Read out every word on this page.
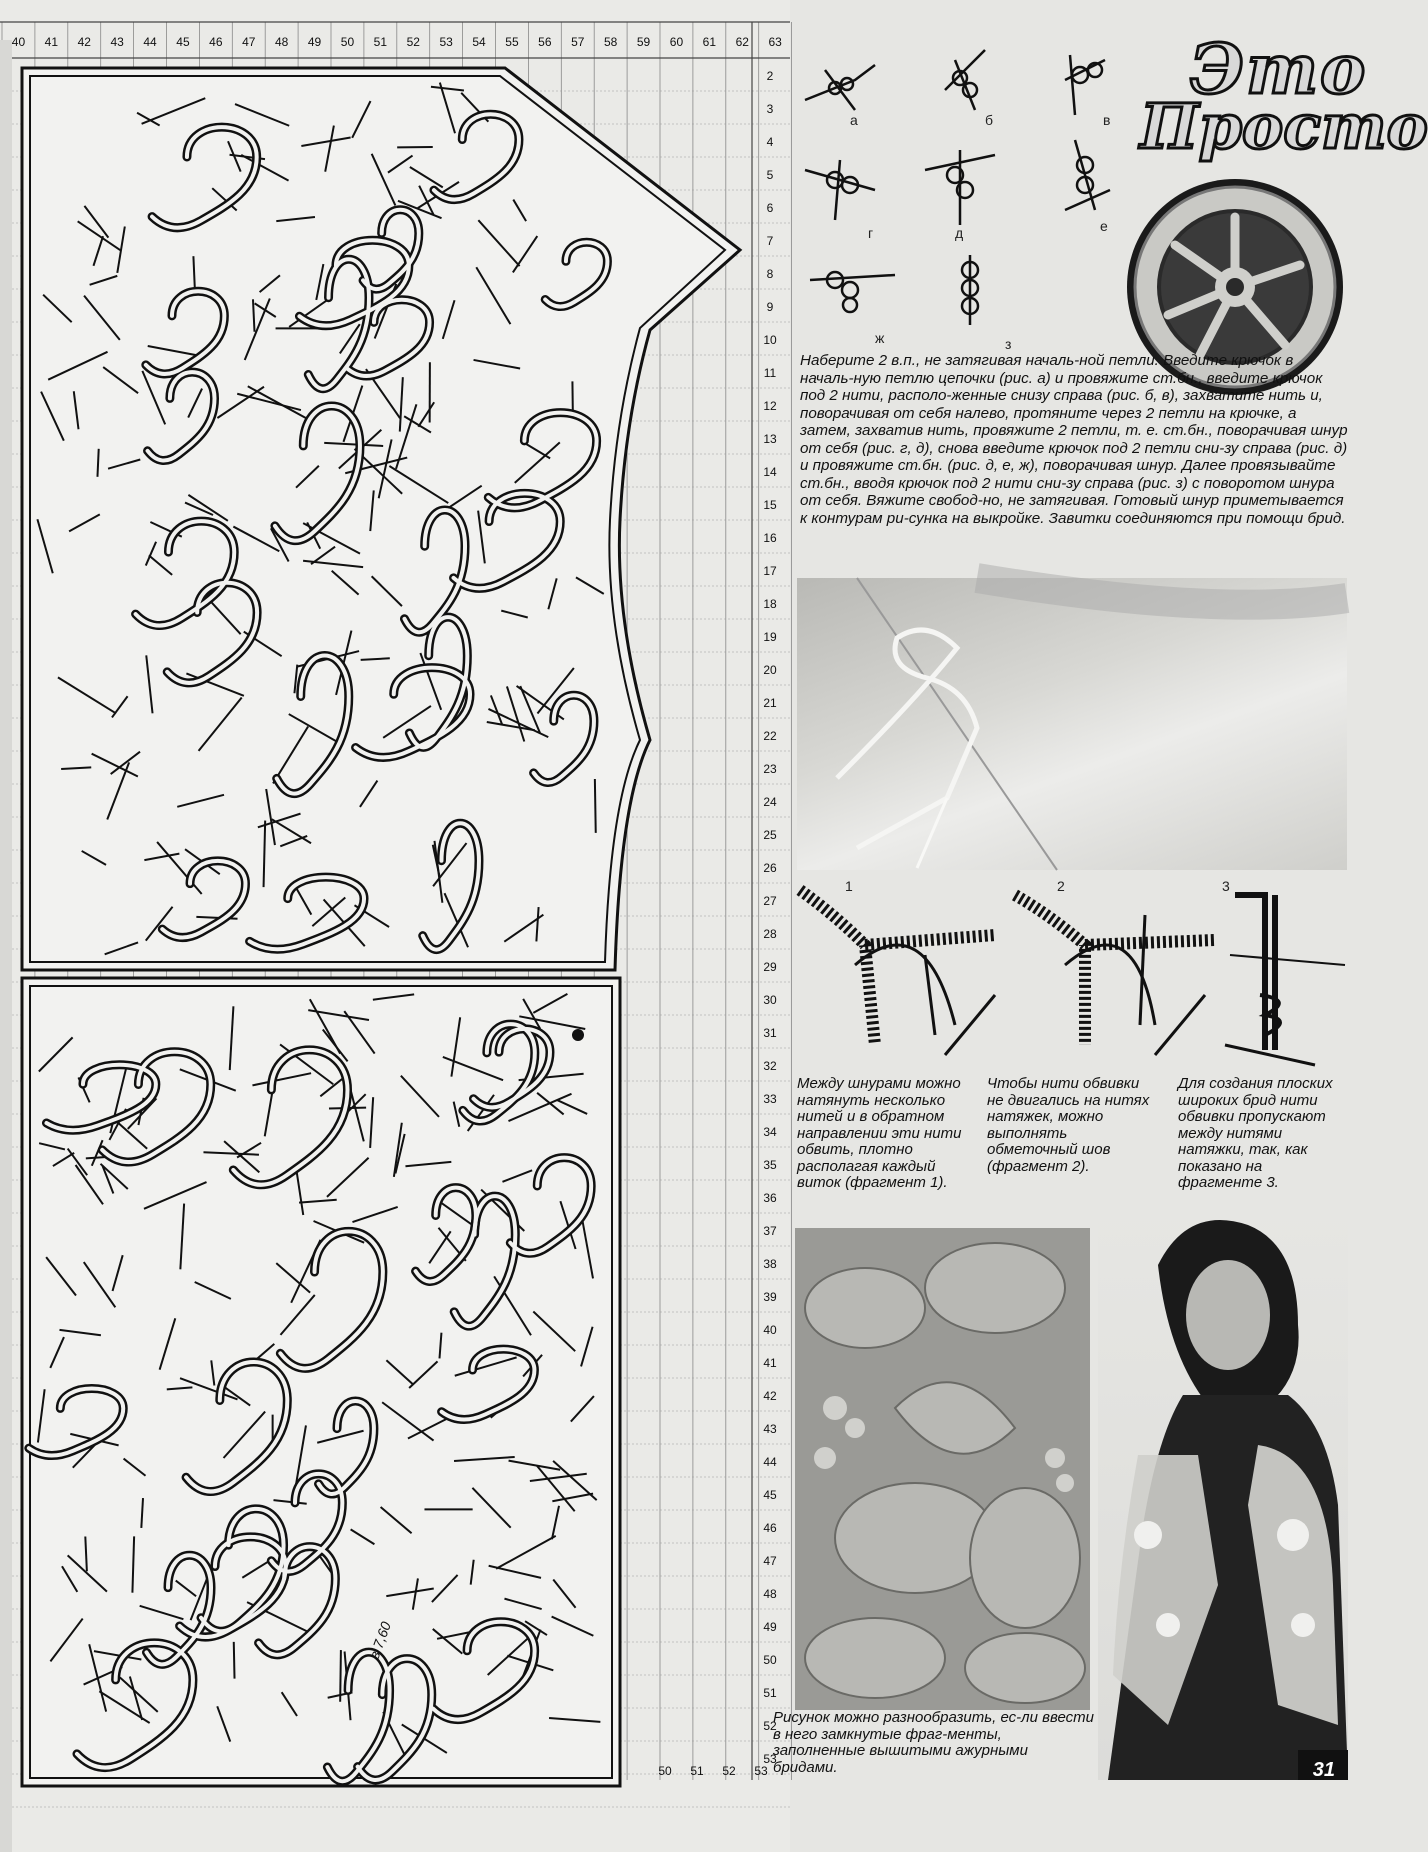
40 41 42 43 44 45 46 47 48 49 50 51 52 53 54 55 56 57 58 59 60 61 62 63
2
3
4
5
6
7
8
9
10
11
12
13
14
15
16
17
18
19
20
21
22
23
24
25
26
27
28
29
30
31
32
33
34
35
36
37
38
39
40
41
42
43
44
45
46
47
48
49
50
51
52
53
50 51 52 53
в 7,60
Это
Просто
а	б	в
г	д	е
ж	з
Наберите 2 в.п., не затягивая началь-ной петли. Введите крючок в началь-ную петлю цепочки (рис. а) и провяжите ст.бн., введите крючок под 2 нити, располо-женные снизу справа (рис. б, в), захватите нить и, поворачивая от себя налево, протяните через 2 петли на крючке, а затем, захватив нить, провяжите 2 петли, т. е. ст.бн., поворачивая шнур от себя (рис. г, д), снова введите крючок под 2 петли сни-зу справа (рис. д) и провяжите ст.бн. (рис. д, е, ж), поворачивая шнур. Далее провязывайте ст.бн., вводя крючок под 2 нити сни-зу справа (рис. з) с поворотом шнура от себя. Вяжите свобод-но, не затягивая. Готовый шнур приметывается к контурам ри-сунка на выкройке. Завитки соединяются при помощи брид.
1	2	3
Между шнурами можно натянуть несколько нитей и в обратном направлении эти нити обвить, плотно располагая каждый виток (фрагмент 1).
Чтобы нити обвивки не двигались на нитях натяжек, можно выполнять обметочный шов (фрагмент 2).
Для создания плоских широких брид нити обвивки пропускают между нитями натяжки, так, как показано на фрагменте 3.
31
Рисунок можно разнообразить, ес-ли ввести в него замкнутые фраг-менты, заполненные вышитыми ажурными бридами.
